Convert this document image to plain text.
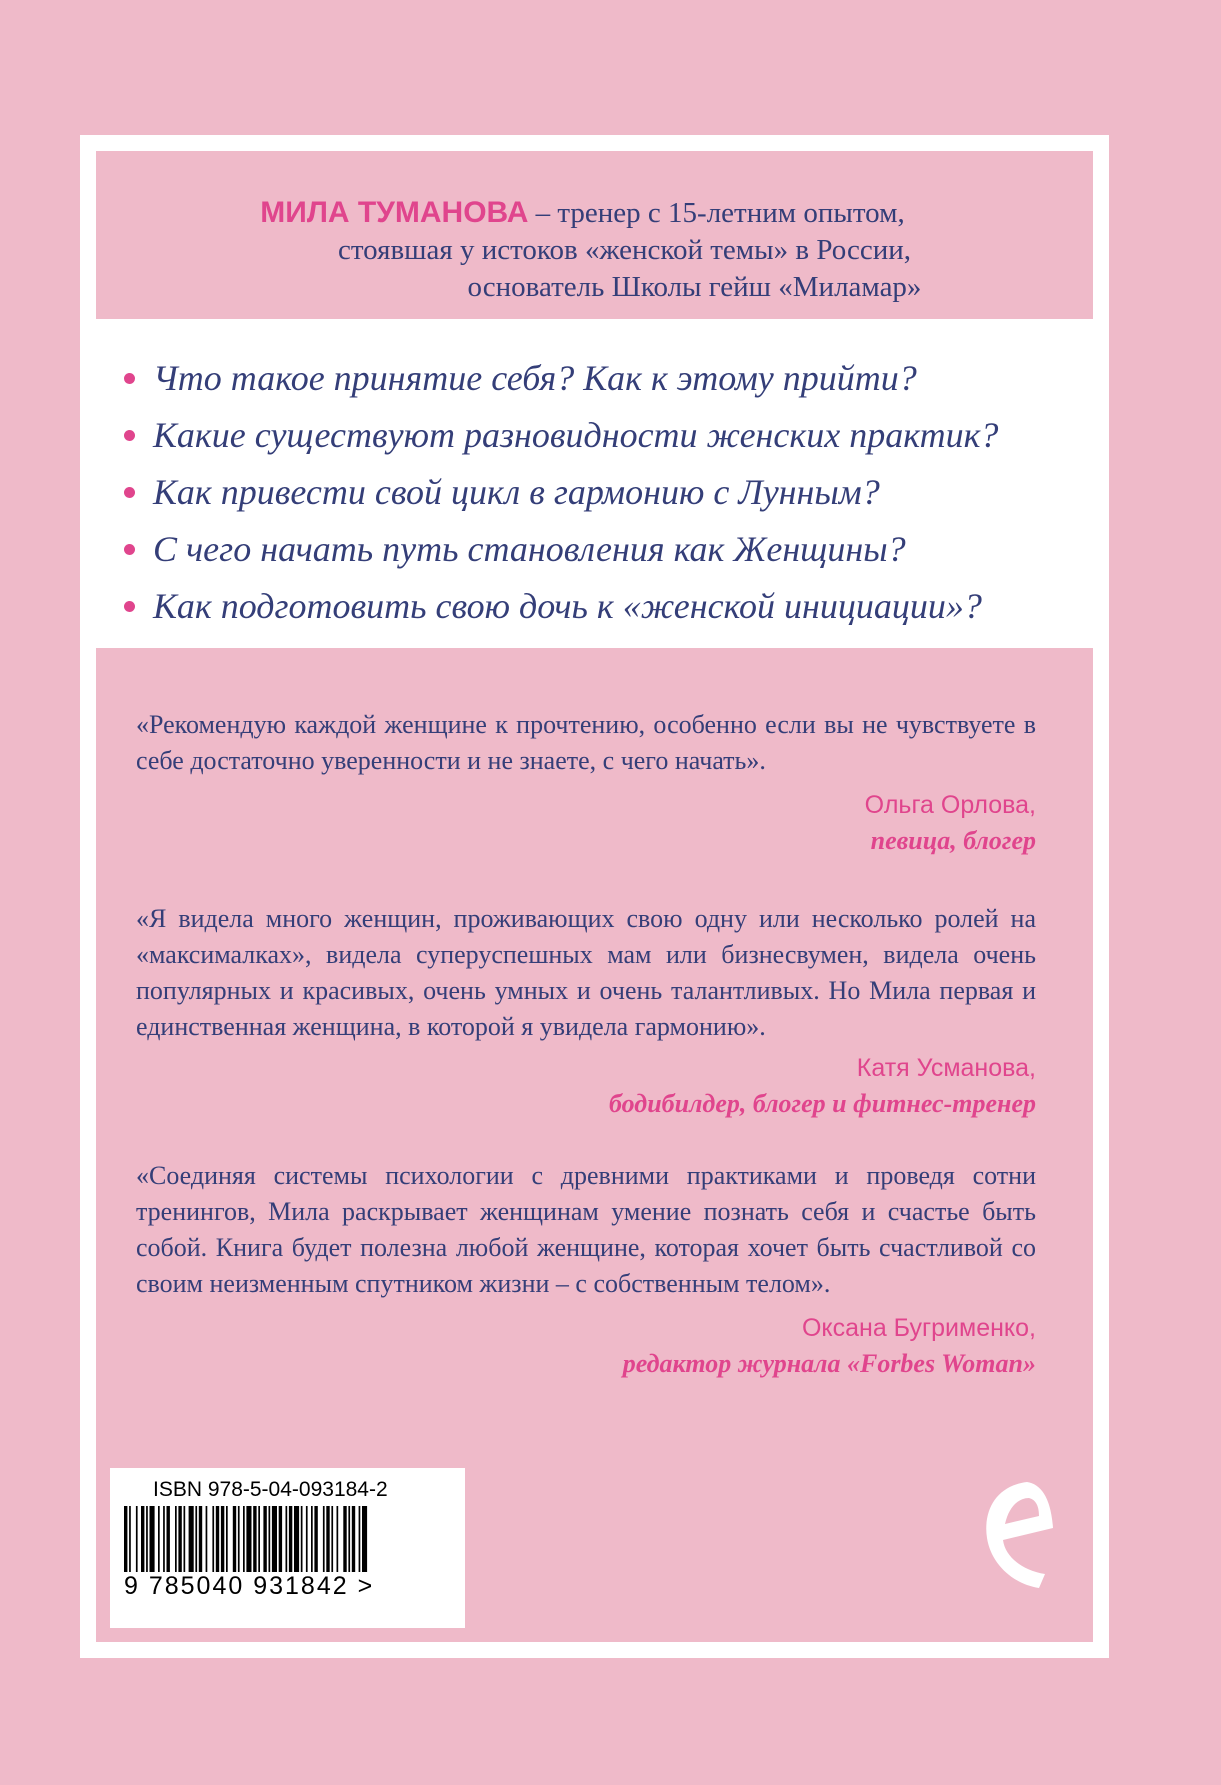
МИЛА ТУМАНОВА – тренер с 15-летним опытом,
стоявшая у истоков «женской темы» в России,
основатель Школы гейш «Миламар»
Что такое принятие себя? Как к этому прийти?
Какие существуют разновидности женских практик?
Как привести свой цикл в гармонию с Лунным?
С чего начать путь становления как Женщины?
Как подготовить свою дочь к «женской инициации»?

«Рекомендую каждой женщине к прочтению, особенно если вы не чувствуете в себе достаточно уверенности и не знаете, с чего начать».

Ольга Орлова,
певица, блогер

«Я видела много женщин, проживающих свою одну или несколько ролей на «максималках», видела суперуспешных мам или бизнесвумен, видела очень популярных и красивых, очень умных и очень талантливых. Но Мила первая и единственная женщина, в которой я увидела гармонию».

Катя Усманова,
бодибилдер, блогер и фитнес-тренер

«Соединяя системы психологии с древними практиками и проведя сотни тренингов, Мила раскрывает женщинам умение познать себя и счастье быть собой. Книга будет полезна любой женщине, которая хочет быть счастливой со своим неизменным спутником жизни – с собственным телом».

Оксана Бугрименко,
редактор журнала «Forbes Woman»
ISBN 978-5-04-093184-2
9 785040 931842 >
